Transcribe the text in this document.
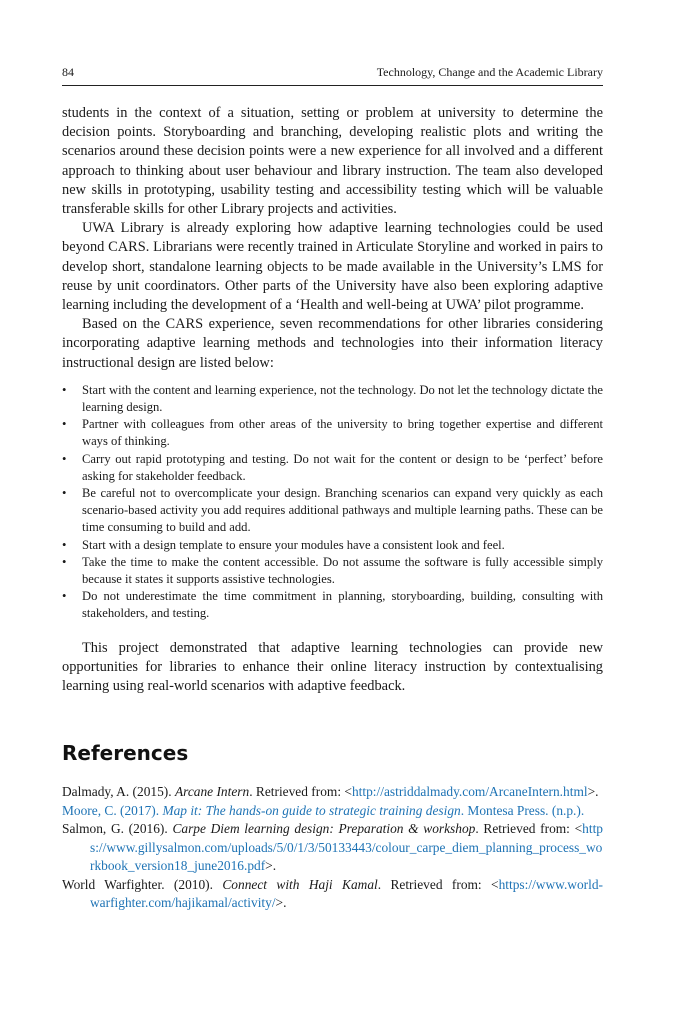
84	Technology, Change and the Academic Library

students in the context of a situation, setting or problem at university to determine the decision points. Storyboarding and branching, developing realistic plots and writing the scenarios around these decision points were a new experience for all involved and a different approach to thinking about user behaviour and library instruction. The team also developed new skills in prototyping, usability testing and accessibility testing which will be valuable transferable skills for other Library projects and activities.

UWA Library is already exploring how adaptive learning technologies could be used beyond CARS. Librarians were recently trained in Articulate Storyline and worked in pairs to develop short, standalone learning objects to be made available in the University’s LMS for reuse by unit coordinators. Other parts of the University have also been exploring adaptive learning including the development of a ‘Health and well-being at UWA’ pilot programme.

Based on the CARS experience, seven recommendations for other libraries considering incorporating adaptive learning methods and technologies into their information literacy instructional design are listed below:

• Start with the content and learning experience, not the technology. Do not let the technology dictate the learning design.
• Partner with colleagues from other areas of the university to bring together expertise and different ways of thinking.
• Carry out rapid prototyping and testing. Do not wait for the content or design to be ‘perfect’ before asking for stakeholder feedback.
• Be careful not to overcomplicate your design. Branching scenarios can expand very quickly as each scenario-based activity you add requires additional pathways and multiple learning paths. These can be time consuming to build and add.
• Start with a design template to ensure your modules have a consistent look and feel.
• Take the time to make the content accessible. Do not assume the software is fully accessible simply because it states it supports assistive technologies.
• Do not underestimate the time commitment in planning, storyboarding, building, consulting with stakeholders, and testing.

This project demonstrated that adaptive learning technologies can provide new opportunities for libraries to enhance their online literacy instruction by contextualising learning using real-world scenarios with adaptive feedback.

References

Dalmady, A. (2015). Arcane Intern. Retrieved from: <http://astriddalmady.com/ArcaneIntern.html>.

Moore, C. (2017). Map it: The hands-on guide to strategic training design. Montesa Press. (n.p.).

Salmon, G. (2016). Carpe Diem learning design: Preparation & workshop. Retrieved from: <https://www.gillysalmon.com/uploads/5/0/1/3/50133443/colour_carpe_diem_planning_process_workbook_version18_june2016.pdf>.

World Warfighter. (2010). Connect with Haji Kamal. Retrieved from: <https://www.world-warfighter.com/hajikamal/activity/>.
